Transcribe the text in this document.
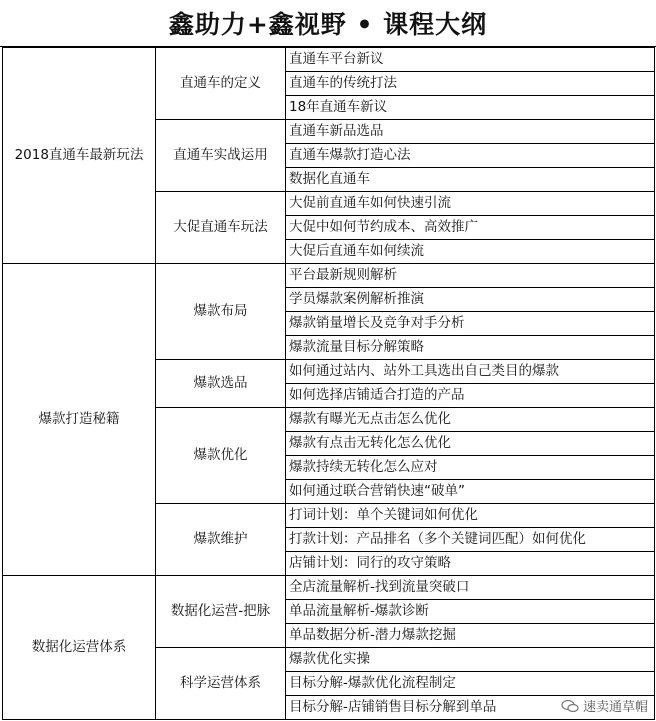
鑫助力+鑫视野 • 课程大纲
2018直通车最新玩法	直通车的定义	直通车平台新议
		直通车的传统打法
		18年直通车新议
	直通车实战运用	直通车新品选品
		直通车爆款打造心法
		数据化直通车
	大促直通车玩法	大促前直通车如何快速引流
		大促中如何节约成本、高效推广
		大促后直通车如何续流
爆款打造秘籍	爆款布局	平台最新规则解析
		学员爆款案例解析推演
		爆款销量增长及竞争对手分析
		爆款流量目标分解策略
	爆款选品	如何通过站内、站外工具选出自己类目的爆款
		如何选择店铺适合打造的产品
	爆款优化	爆款有曝光无点击怎么优化
		爆款有点击无转化怎么优化
		爆款持续无转化怎么应对
		如何通过联合营销快速“破单”
	爆款维护	打词计划：单个关键词如何优化
		打款计划：产品排名（多个关键词匹配）如何优化
		店铺计划：同行的攻守策略
数据化运营体系	数据化运营-把脉	全店流量解析-找到流量突破口
		单品流量解析-爆款诊断
		单品数据分析-潜力爆款挖掘
	科学运营体系	爆款优化实操
		目标分解-爆款优化流程制定
		目标分解-店铺销售目标分解到单品	速卖通草帽
